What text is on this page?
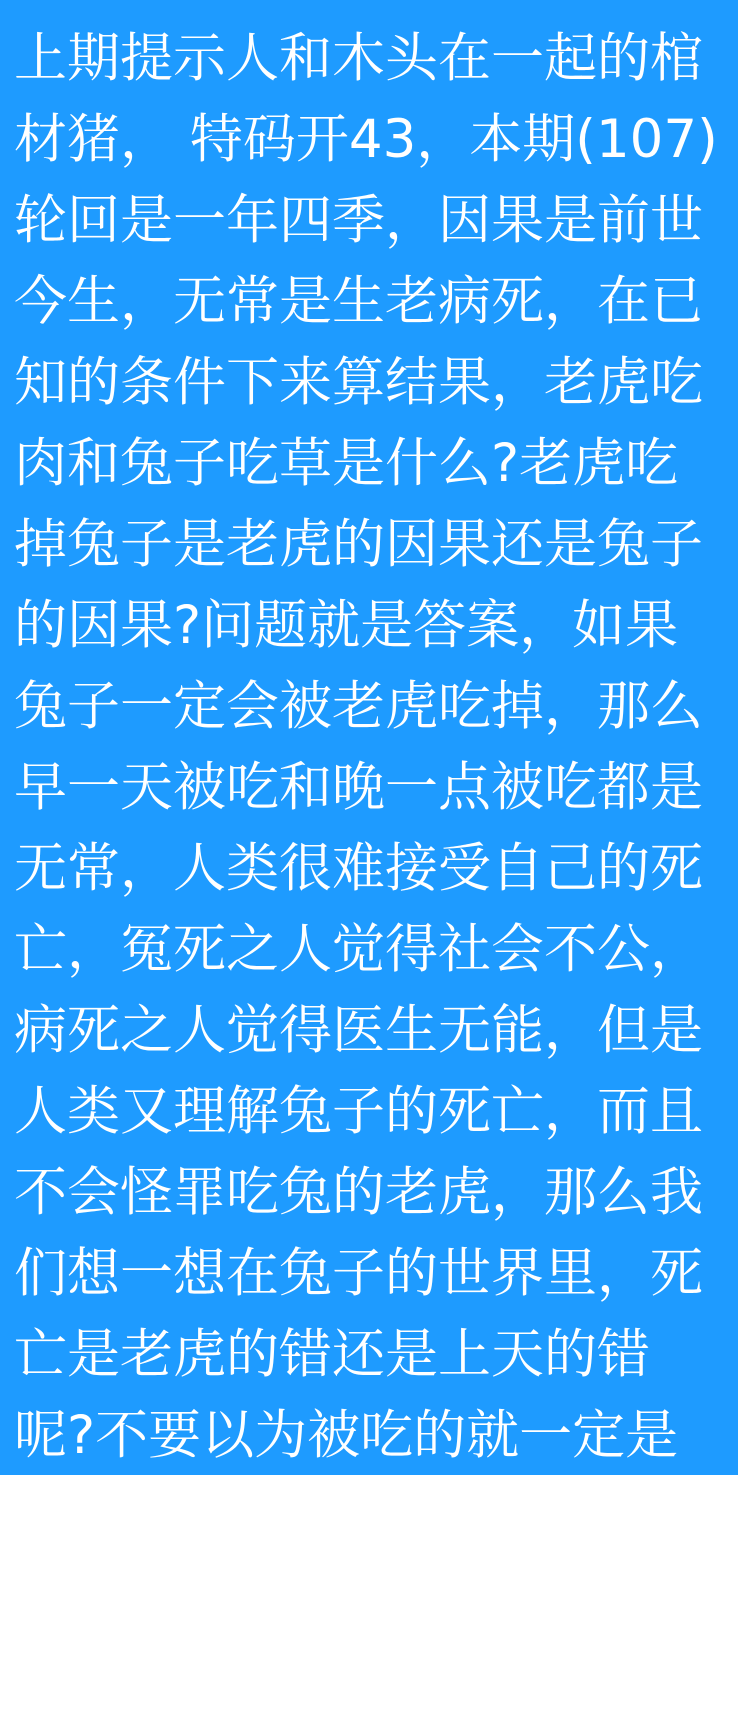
上期提示人和木头在一起的棺材猪， 特码开43，本期(107)轮回是一年四季，因果是前世今生，无常是生老病死，在已知的条件下来算结果，老虎吃肉和兔子吃草是什么?老虎吃掉兔子是老虎的因果还是兔子的因果?问题就是答案，如果兔子一定会被老虎吃掉，那么早一天被吃和晚一点被吃都是无常，人类很难接受自己的死亡，冤死之人觉得社会不公，病死之人觉得医生无能，但是人类又理解兔子的死亡，而且不会怪罪吃兔的老虎，那么我们想一想在兔子的世界里，死亡是老虎的错还是上天的错呢?不要以为被吃的就一定是受害方哦，也许这只兔子的前生也是一只母老虎呀!原版了知(惠泽社团)
